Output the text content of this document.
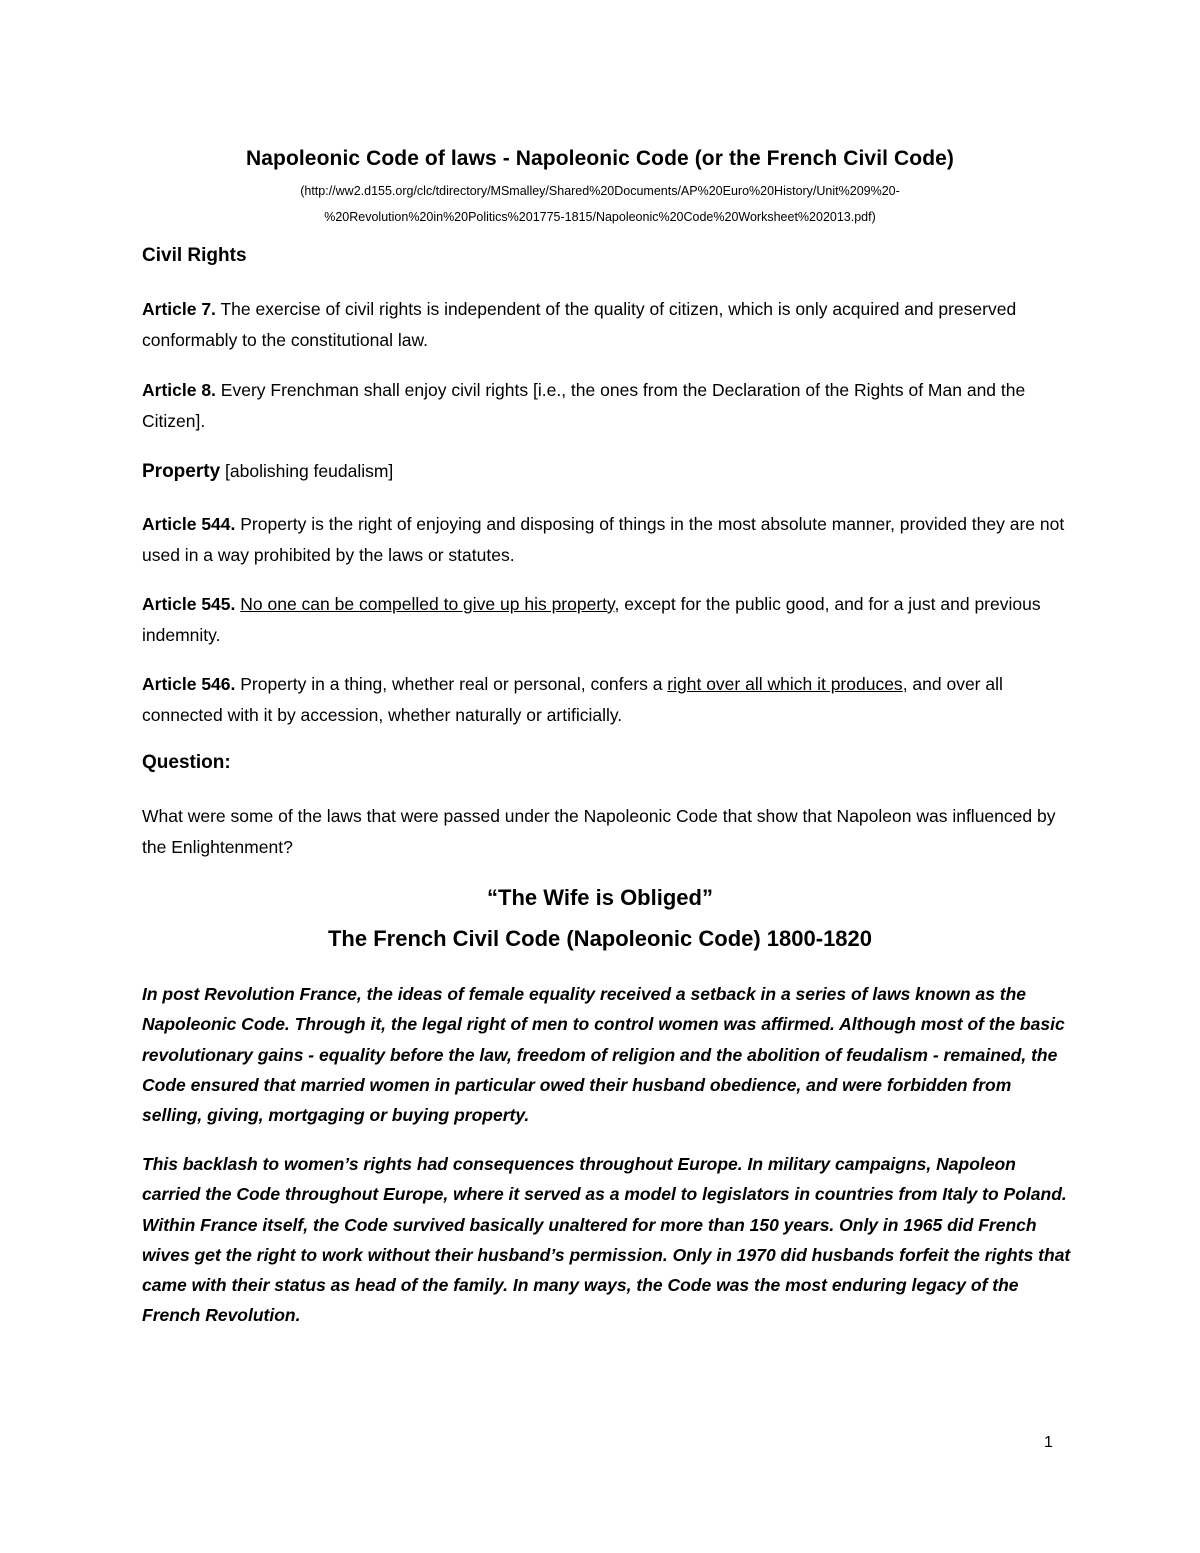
Napoleonic Code of laws - Napoleonic Code (or the French Civil Code)

(http://ww2.d155.org/clc/tdirectory/MSmalley/Shared%20Documents/AP%20Euro%20History/Unit%209%20-
%20Revolution%20in%20Politics%201775-1815/Napoleonic%20Code%20Worksheet%202013.pdf)

Civil Rights

Article 7. The exercise of civil rights is independent of the quality of citizen, which is only acquired and preserved conformably to the constitutional law.

Article 8. Every Frenchman shall enjoy civil rights [i.e., the ones from the Declaration of the Rights of Man and the Citizen].

Property [abolishing feudalism]

Article 544. Property is the right of enjoying and disposing of things in the most absolute manner, provided they are not used in a way prohibited by the laws or statutes.

Article 545. No one can be compelled to give up his property, except for the public good, and for a just and previous indemnity.

Article 546. Property in a thing, whether real or personal, confers a right over all which it produces, and over all connected with it by accession, whether naturally or artificially.

Question:

What were some of the laws that were passed under the Napoleonic Code that show that Napoleon was influenced by the Enlightenment?

“The Wife is Obliged”
The French Civil Code (Napoleonic Code) 1800-1820

In post Revolution France, the ideas of female equality received a setback in a series of laws known as the Napoleonic Code. Through it, the legal right of men to control women was affirmed. Although most of the basic revolutionary gains - equality before the law, freedom of religion and the abolition of feudalism - remained, the Code ensured that married women in particular owed their husband obedience, and were forbidden from selling, giving, mortgaging or buying property.

This backlash to women’s rights had consequences throughout Europe. In military campaigns, Napoleon carried the Code throughout Europe, where it served as a model to legislators in countries from Italy to Poland. Within France itself, the Code survived basically unaltered for more than 150 years. Only in 1965 did French wives get the right to work without their husband’s permission. Only in 1970 did husbands forfeit the rights that came with their status as head of the family. In many ways, the Code was the most enduring legacy of the French Revolution.

1
